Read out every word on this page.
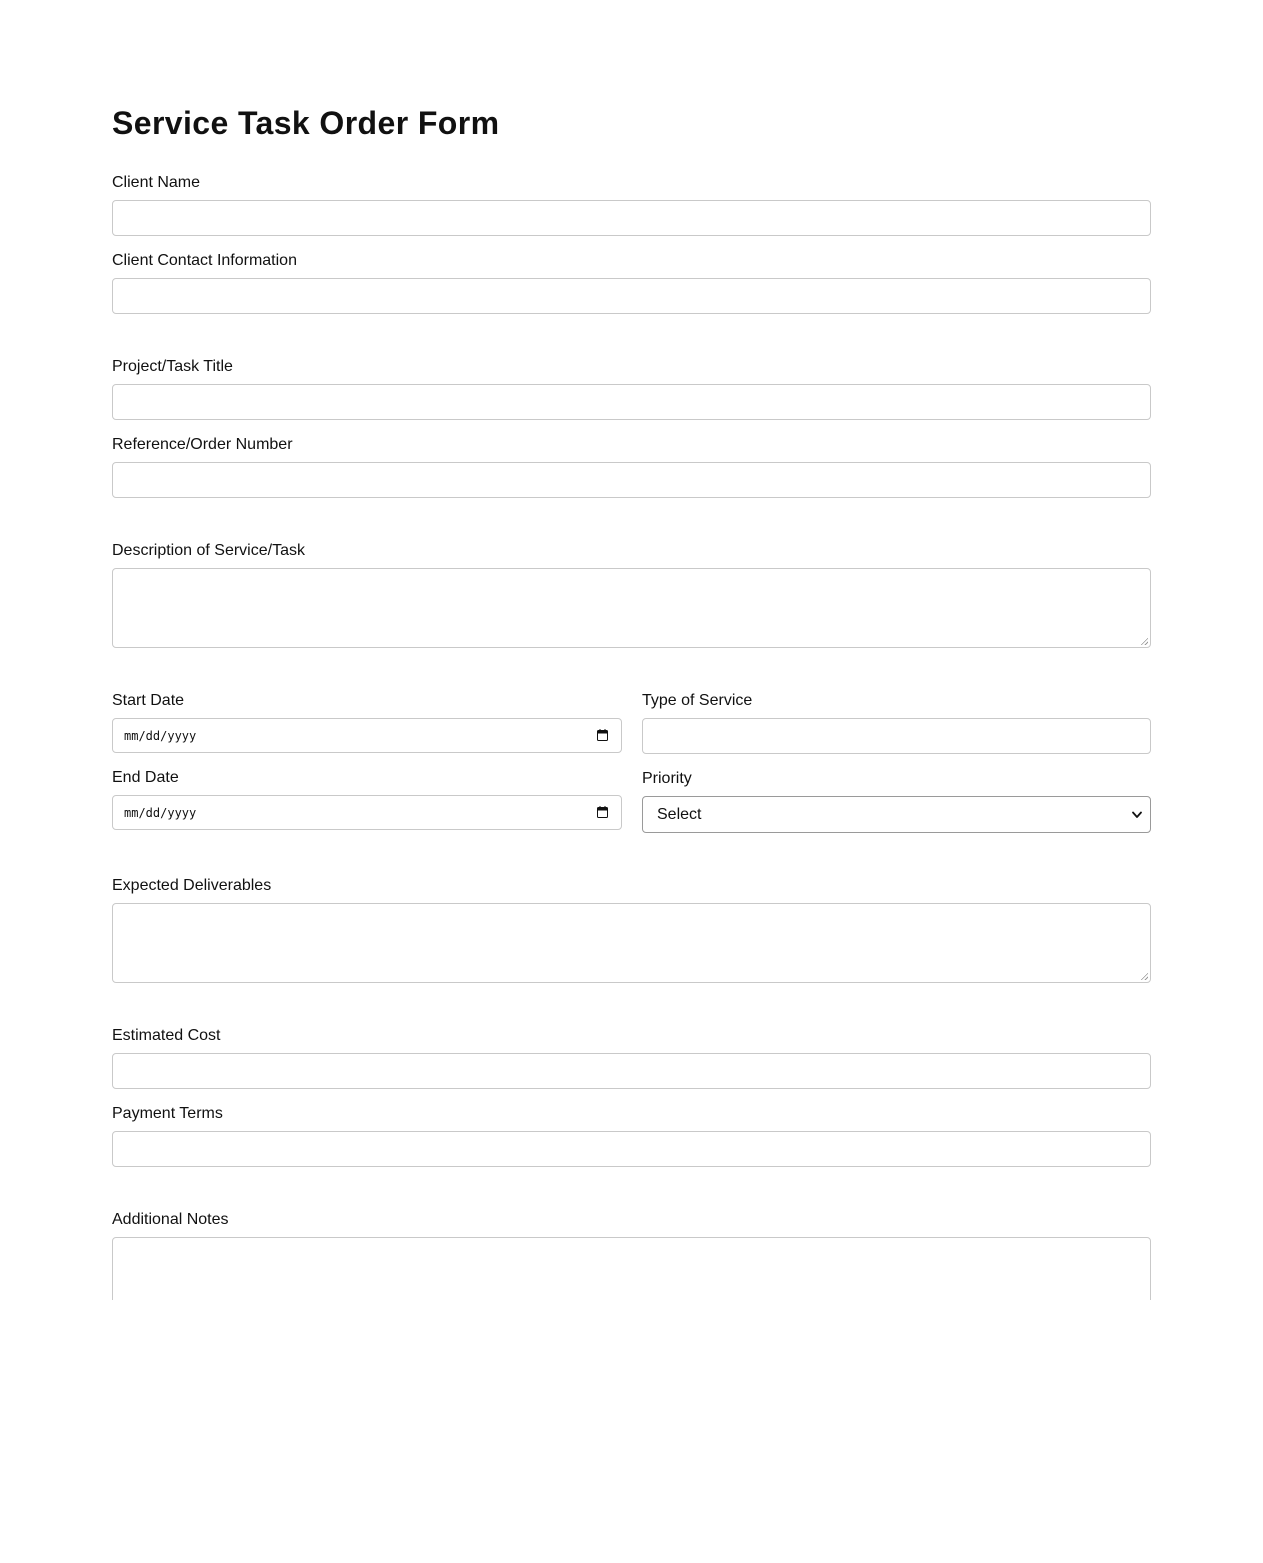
Service Task Order Form
Client Name
Client Contact Information
Project/Task Title
Reference/Order Number
Description of Service/Task
Start Date
mm/dd/yyyy
Type of Service
End Date
mm/dd/yyyy
Priority
Select
Expected Deliverables
Estimated Cost
Payment Terms
Additional Notes
